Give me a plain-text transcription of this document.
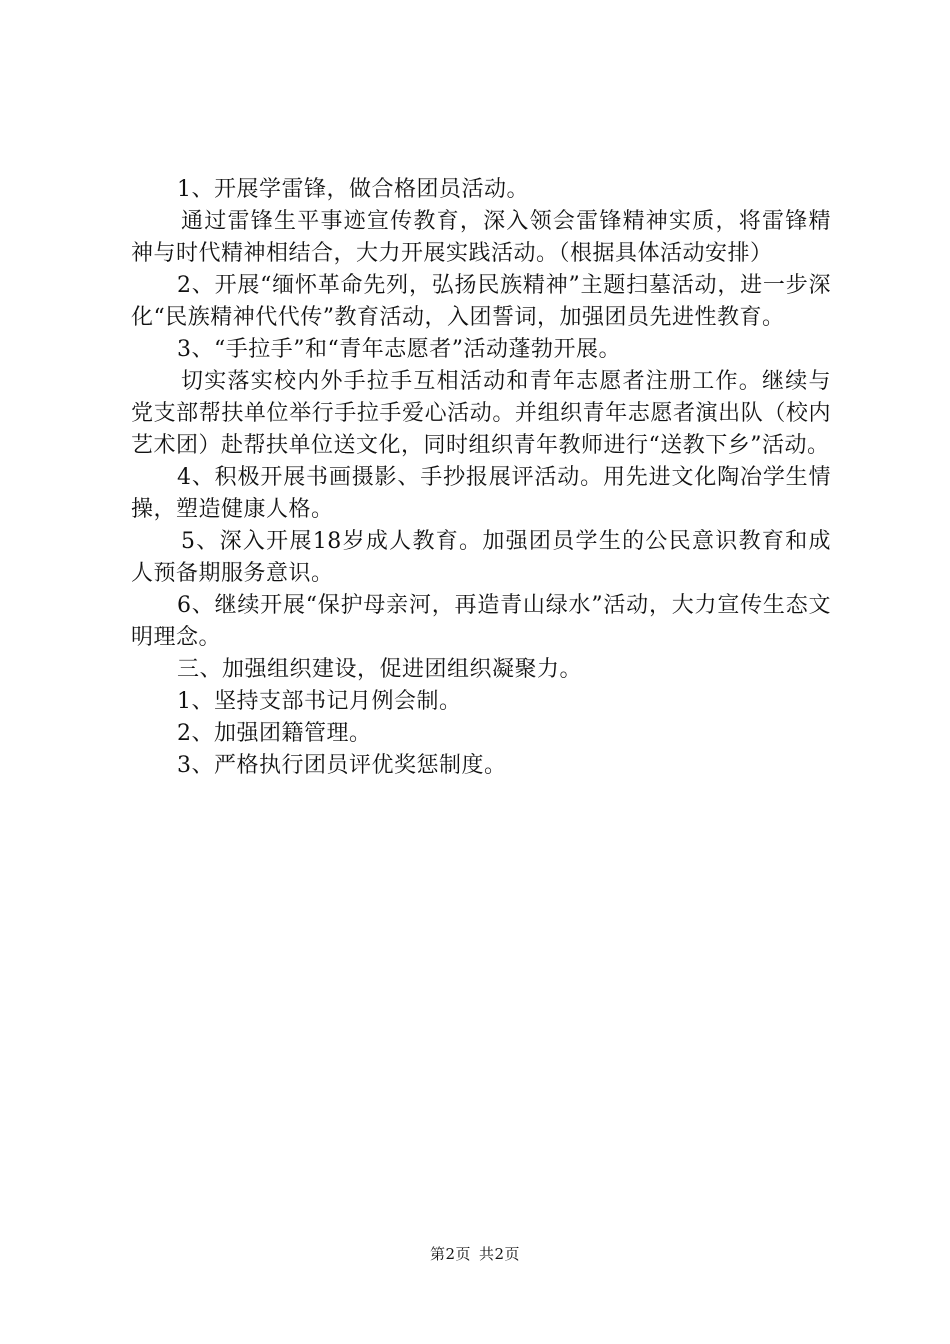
1、开展学雷锋，做合格团员活动。

通过雷锋生平事迹宣传教育，深入领会雷锋精神实质，将雷锋精神与时代精神相结合，大力开展实践活动。（根据具体活动安排）

2、开展“缅怀革命先列，弘扬民族精神”主题扫墓活动，进一步深化“民族精神代代传”教育活动，入团誓词，加强团员先进性教育。

3、“手拉手”和“青年志愿者”活动蓬勃开展。

切实落实校内外手拉手互相活动和青年志愿者注册工作。继续与党支部帮扶单位举行手拉手爱心活动。并组织青年志愿者演出队（校内艺术团）赴帮扶单位送文化，同时组织青年教师进行“送教下乡”活动。

4、积极开展书画摄影、手抄报展评活动。用先进文化陶冶学生情操，塑造健康人格。

5、深入开展18岁成人教育。加强团员学生的公民意识教育和成人预备期服务意识。

6、继续开展“保护母亲河，再造青山绿水”活动，大力宣传生态文明理念。

三、加强组织建设，促进团组织凝聚力。

1、坚持支部书记月例会制。

2、加强团籍管理。

3、严格执行团员评优奖惩制度。

第2页 共2页
